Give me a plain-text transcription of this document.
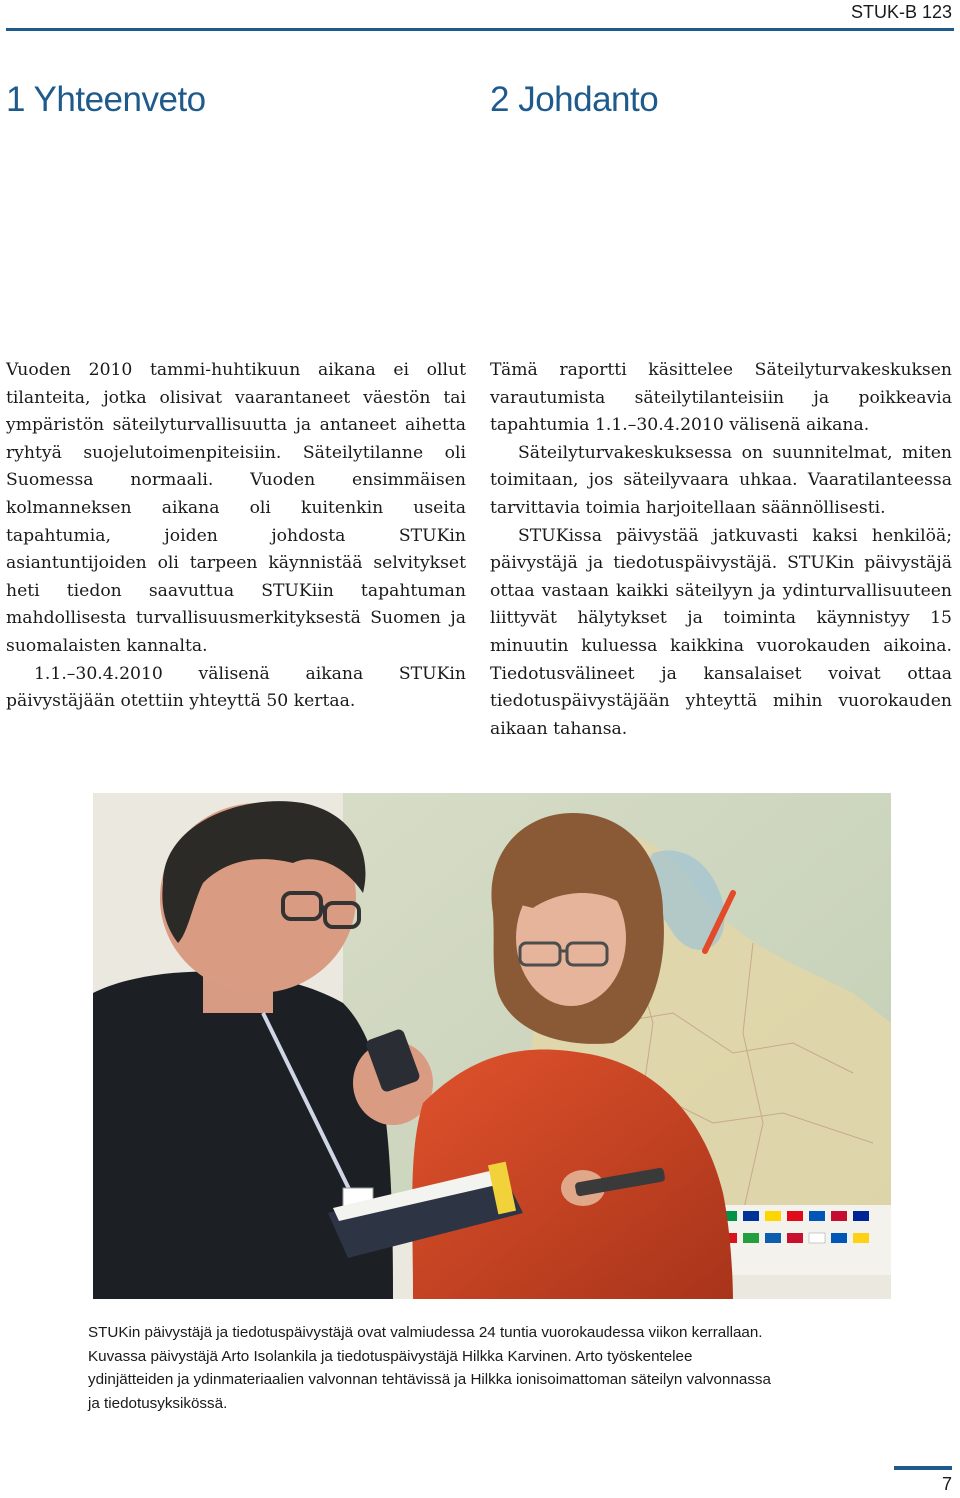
STUK-B 123
1 Yhteenveto	2 Johdanto

Vuoden 2010 tammi-huhtikuun aikana ei ollut tilanteita, jotka olisivat vaarantaneet väestön tai ympäristön säteilyturvallisuutta ja antaneet aihetta ryhtyä suojelutoimenpiteisiin. Säteilytilanne oli Suomessa normaali. Vuoden ensimmäisen kolmanneksen aikana oli kuitenkin useita tapahtumia, joiden johdosta STUKin asiantuntijoiden oli tarpeen käynnistää selvitykset heti tiedon saavuttua STUKiin tapahtuman mahdollisesta turvallisuusmerkityksestä Suomen ja suomalaisten kannalta.

1.1.–30.4.2010 välisenä aikana STUKin päivystäjään otettiin yhteyttä 50 kertaa.

Tämä raportti käsittelee Säteilyturvakeskuksen varautumista säteilytilanteisiin ja poikkeavia tapahtumia 1.1.–30.4.2010 välisenä aikana.

Säteilyturvakeskuksessa on suunnitelmat, miten toimitaan, jos säteilyvaara uhkaa. Vaaratilanteessa tarvittavia toimia harjoitellaan säännöllisesti.

STUKissa päivystää jatkuvasti kaksi henkilöä; päivystäjä ja tiedotuspäivystäjä. STUKin päivystäjä ottaa vastaan kaikki säteilyyn ja ydinturvallisuuteen liittyvät hälytykset ja toiminta käynnistyy 15 minuutin kuluessa kaikkina vuorokauden aikoina. Tiedotusvälineet ja kansalaiset voivat ottaa tiedotuspäivystäjään yhteyttä mihin vuorokauden aikaan tahansa.

STUKin päivystäjä ja tiedotuspäivystäjä ovat valmiudessa 24 tuntia vuorokaudessa viikon kerrallaan.

Kuvassa päivystäjä Arto Isolankila ja tiedotuspäivystäjä Hilkka Karvinen. Arto työskentelee

ydinjätteiden ja ydinmateriaalien valvonnan tehtävissä ja Hilkka ionisoimattoman säteilyn valvonnassa

ja tiedotusyksikössä.

7
